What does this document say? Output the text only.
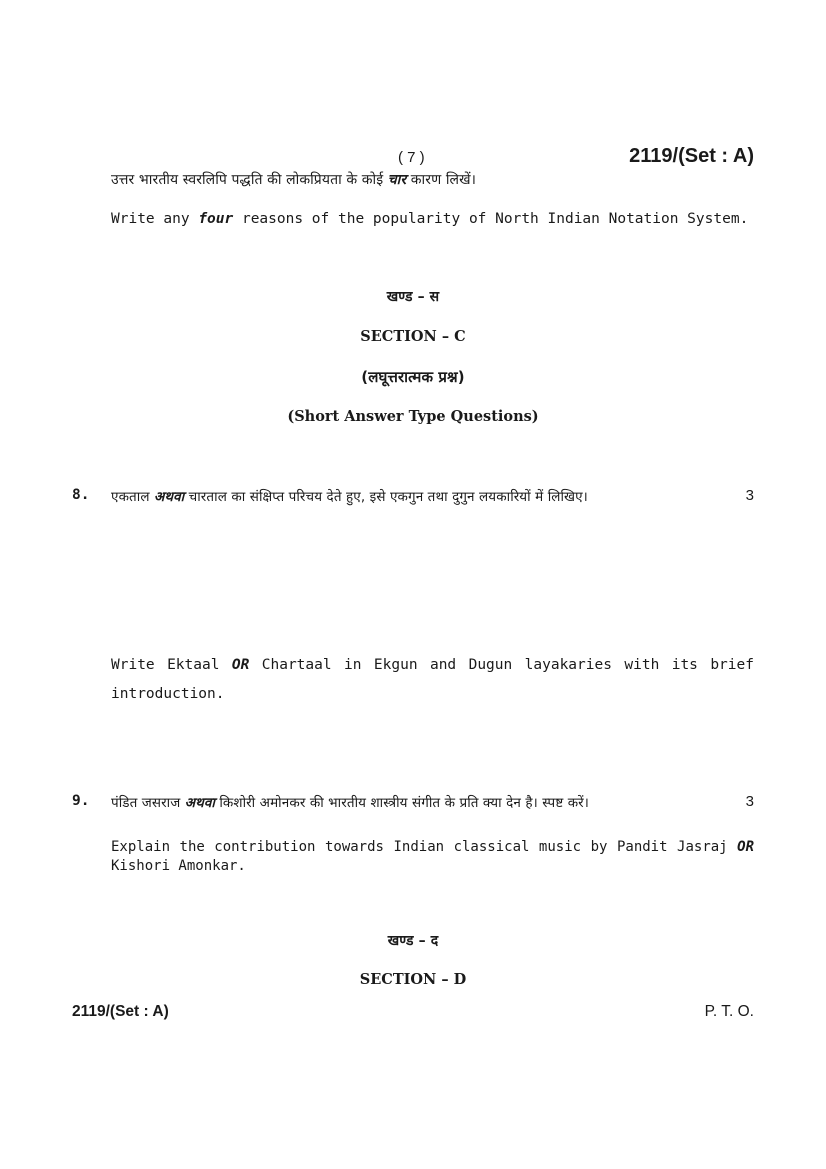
( 7 )	2119/(Set : A)
उत्तर भारतीय स्वरलिपि पद्धति की लोकप्रियता के कोई चार कारण लिखें।
Write any four reasons of the popularity of North Indian Notation System.
खण्ड – स
SECTION – C
(लघूत्तरात्मक प्रश्न)
(Short Answer Type Questions)
8. एकताल अथवा चारताल का संक्षिप्त परिचय देते हुए, इसे एकगुन तथा दुगुन लयकारियों में लिखिए।	3
Write Ektaal OR Chartaal in Ekgun and Dugun layakaries with its brief
introduction.
9. पंडित जसराज अथवा किशोरी अमोनकर की भारतीय शास्त्रीय संगीत के प्रति क्या देन है। स्पष्ट करें।	3
Explain the contribution towards Indian classical music by Pandit Jasraj OR
Kishori Amonkar.
खण्ड – द
SECTION – D
2119/(Set : A)	P. T. O.
